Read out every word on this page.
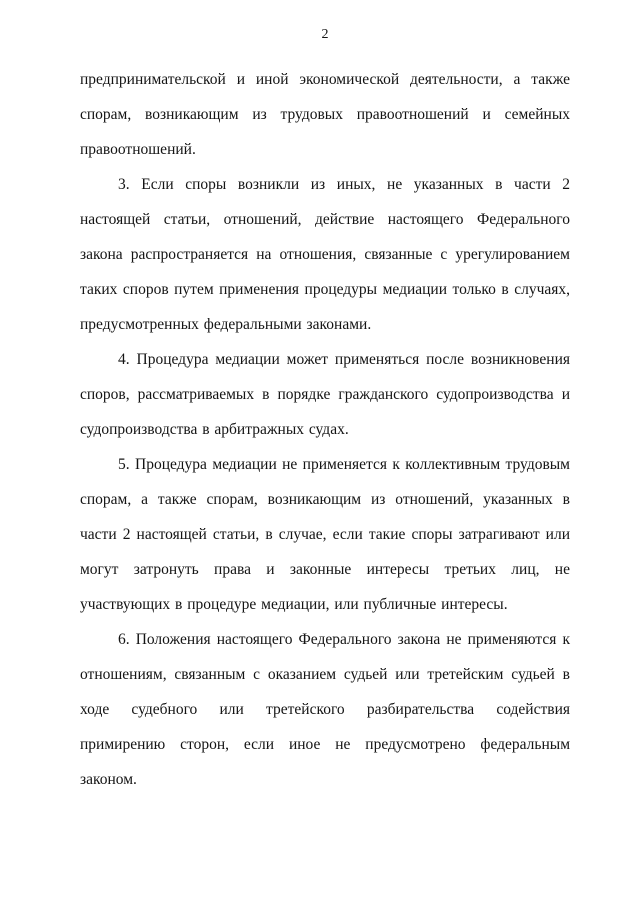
2

предпринимательской и иной экономической деятельности, а также спорам, возникающим из трудовых правоотношений и семейных правоотношений.

3. Если споры возникли из иных, не указанных в части 2 настоящей статьи, отношений, действие настоящего Федерального закона распространяется на отношения, связанные с урегулированием таких споров путем применения процедуры медиации только в случаях, предусмотренных федеральными законами.

4. Процедура медиации может применяться после возникновения споров, рассматриваемых в порядке гражданского судопроизводства и судопроизводства в арбитражных судах.

5. Процедура медиации не применяется к коллективным трудовым спорам, а также спорам, возникающим из отношений, указанных в части 2 настоящей статьи, в случае, если такие споры затрагивают или могут затронуть права и законные интересы третьих лиц, не участвующих в процедуре медиации, или публичные интересы.

6. Положения настоящего Федерального закона не применяются к отношениям, связанным с оказанием судьей или третейским судьей в ходе судебного или третейского разбирательства содействия примирению сторон, если иное не предусмотрено федеральным законом.
